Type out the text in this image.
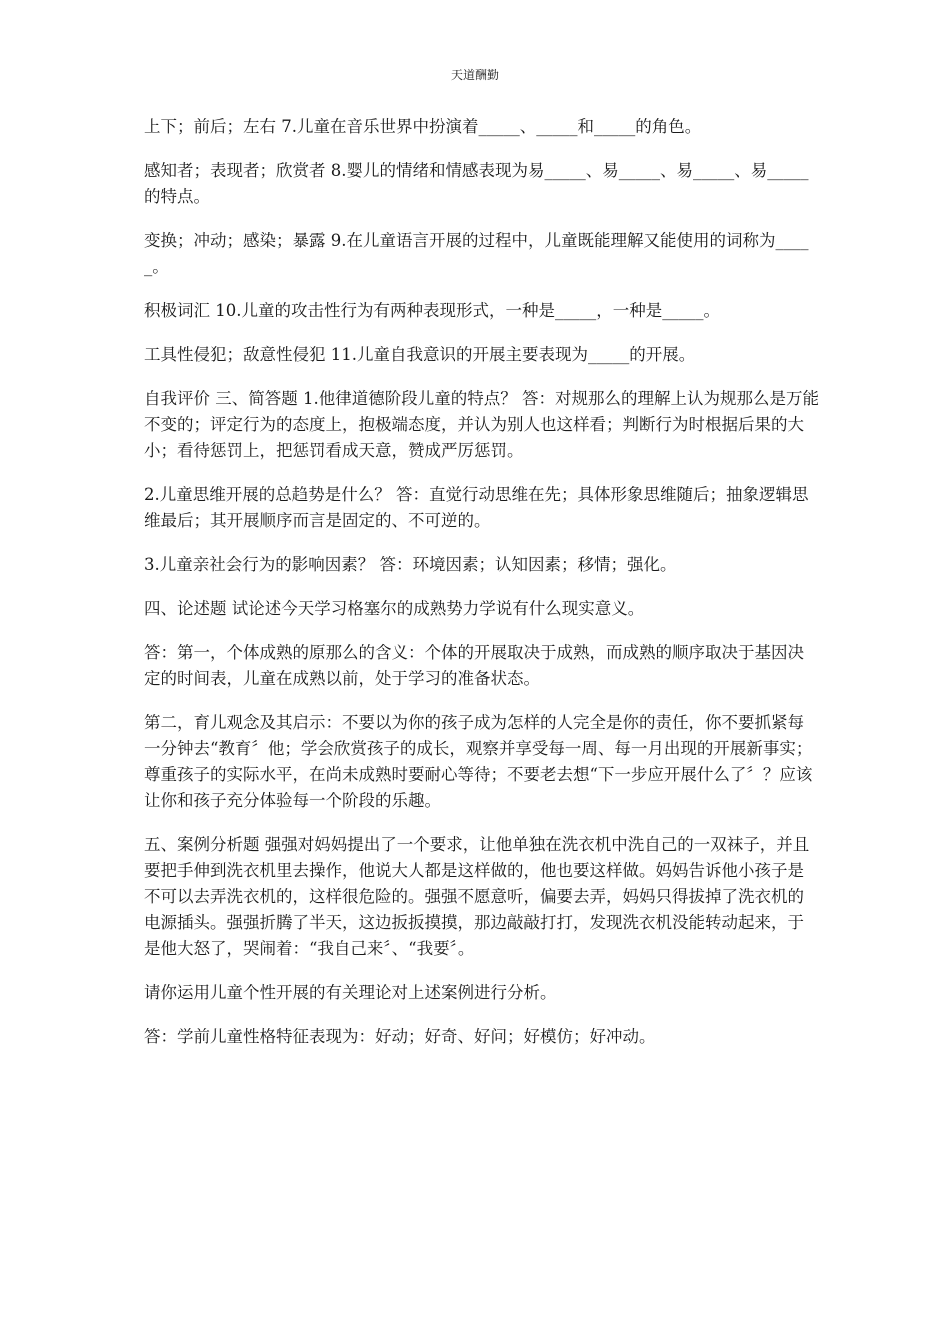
天道酬勤

上下；前后；左右 7.儿童在音乐世界中扮演着_____、_____和_____的角色。

感知者；表现者；欣赏者 8.婴儿的情绪和情感表现为易_____、易_____、易_____、易_____的特点。

变换；冲动；感染；暴露 9.在儿童语言开展的过程中，儿童既能理解又能使用的词称为_____。

积极词汇 10.儿童的攻击性行为有两种表现形式，一种是_____，一种是_____。

工具性侵犯；敌意性侵犯 11.儿童自我意识的开展主要表现为_____的开展。

自我评价 三、简答题 1.他律道德阶段儿童的特点？ 答：对规那么的理解上认为规那么是万能不变的；评定行为的态度上，抱极端态度，并认为别人也这样看；判断行为时根据后果的大小；看待惩罚上，把惩罚看成天意，赞成严厉惩罚。

2.儿童思维开展的总趋势是什么？ 答：直觉行动思维在先；具体形象思维随后；抽象逻辑思维最后；其开展顺序而言是固定的、不可逆的。

3.儿童亲社会行为的影响因素？ 答：环境因素；认知因素；移情；强化。

四、论述题 试论述今天学习格塞尔的成熟势力学说有什么现实意义。

答：第一，个体成熟的原那么的含义：个体的开展取决于成熟，而成熟的顺序取决于基因决定的时间表，儿童在成熟以前，处于学习的准备状态。

第二，育儿观念及其启示：不要以为你的孩子成为怎样的人完全是你的责任，你不要抓紧每一分钟去“教育〞他；学会欣赏孩子的成长，观察并享受每一周、每一月出现的开展新事实；尊重孩子的实际水平，在尚未成熟时要耐心等待；不要老去想“下一步应开展什么了〞？应该让你和孩子充分体验每一个阶段的乐趣。

五、案例分析题 强强对妈妈提出了一个要求，让他单独在洗衣机中洗自己的一双袜子，并且要把手伸到洗衣机里去操作，他说大人都是这样做的，他也要这样做。妈妈告诉他小孩子是不可以去弄洗衣机的，这样很危险的。强强不愿意听，偏要去弄，妈妈只得拔掉了洗衣机的电源插头。强强折腾了半天，这边扳扳摸摸，那边敲敲打打，发现洗衣机没能转动起来，于是他大怒了，哭闹着：“我自己来〞、“我要〞。

请你运用儿童个性开展的有关理论对上述案例进行分析。

答：学前儿童性格特征表现为：好动；好奇、好问；好模仿；好冲动。
